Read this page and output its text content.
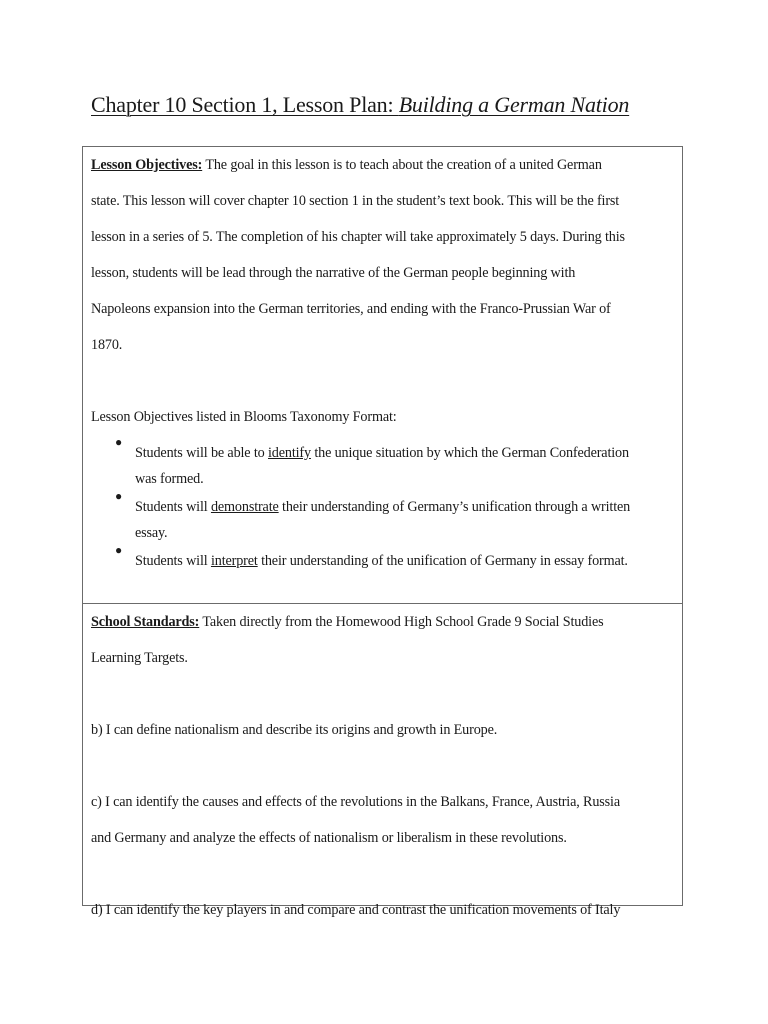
Chapter 10 Section 1, Lesson Plan: Building a German Nation

Lesson Objectives: The goal in this lesson is to teach about the creation of a united German

state. This lesson will cover chapter 10 section 1 in the student’s text book. This will be the first

lesson in a series of 5. The completion of his chapter will take approximately 5 days. During this

lesson, students will be lead through the narrative of the German people beginning with

Napoleons expansion into the German territories, and ending with the Franco-Prussian War of

1870.

Lesson Objectives listed in Blooms Taxonomy Format:

●
Students will be able to identify the unique situation by which the German Confederation
was formed.
●
Students will demonstrate their understanding of Germany’s unification through a written
essay.
●
Students will interpret their understanding of the unification of Germany in essay format.

School Standards: Taken directly from the Homewood High School Grade 9 Social Studies

Learning Targets.

b) I can define nationalism and describe its origins and growth in Europe.

c) I can identify the causes and effects of the revolutions in the Balkans, France, Austria, Russia

and Germany and analyze the effects of nationalism or liberalism in these revolutions.

d) I can identify the key players in and compare and contrast the unification movements of Italy
